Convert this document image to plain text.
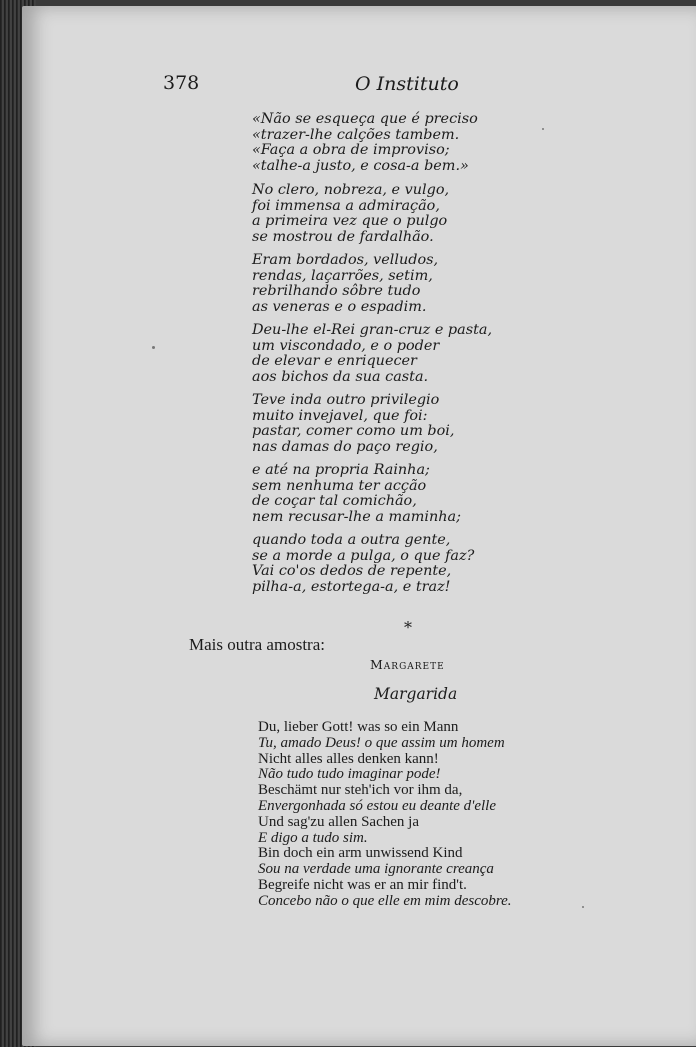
378	O Instituto

«Não se esqueça que é preciso
«trazer-lhe calções tambem.
«Faça a obra de improviso;
«talhe-a justo, e cosa-a bem.»
No clero, nobreza, e vulgo,
foi immensa a admiração,
a primeira vez que o pulgo
se mostrou de fardalhão.
Eram bordados, velludos,
rendas, laçarrões, setim,
rebrilhando sôbre tudo
as veneras e o espadim.
Deu-lhe el-Rei gran-cruz e pasta,
um viscondado, e o poder
de elevar e enriquecer
aos bichos da sua casta.
Teve inda outro privilegio
muito invejavel, que foi:
pastar, comer como um boi,
nas damas do paço regio,
e até na propria Rainha;
sem nenhuma ter acção
de coçar tal comichão,
nem recusar-lhe a maminha;
quando toda a outra gente,
se a morde a pulga, o que faz?
Vai co'os dedos de repente,
pilha-a, estortega-a, e traz!

*

Mais outra amostra:

Margarete

Margarida

Du, lieber Gott! was so ein Mann
Tu, amado Deus! o que assim um homem
Nicht alles alles denken kann!
Não tudo tudo imaginar pode!
Beschämt nur steh'ich vor ihm da,
Envergonhada só estou eu deante d'elle
Und sag'zu allen Sachen ja
E digo a tudo sim.
Bin doch ein arm unwissend Kind
Sou na verdade uma ignorante creança
Begreife nicht was er an mir find't.
Concebo não o que elle em mim descobre.
